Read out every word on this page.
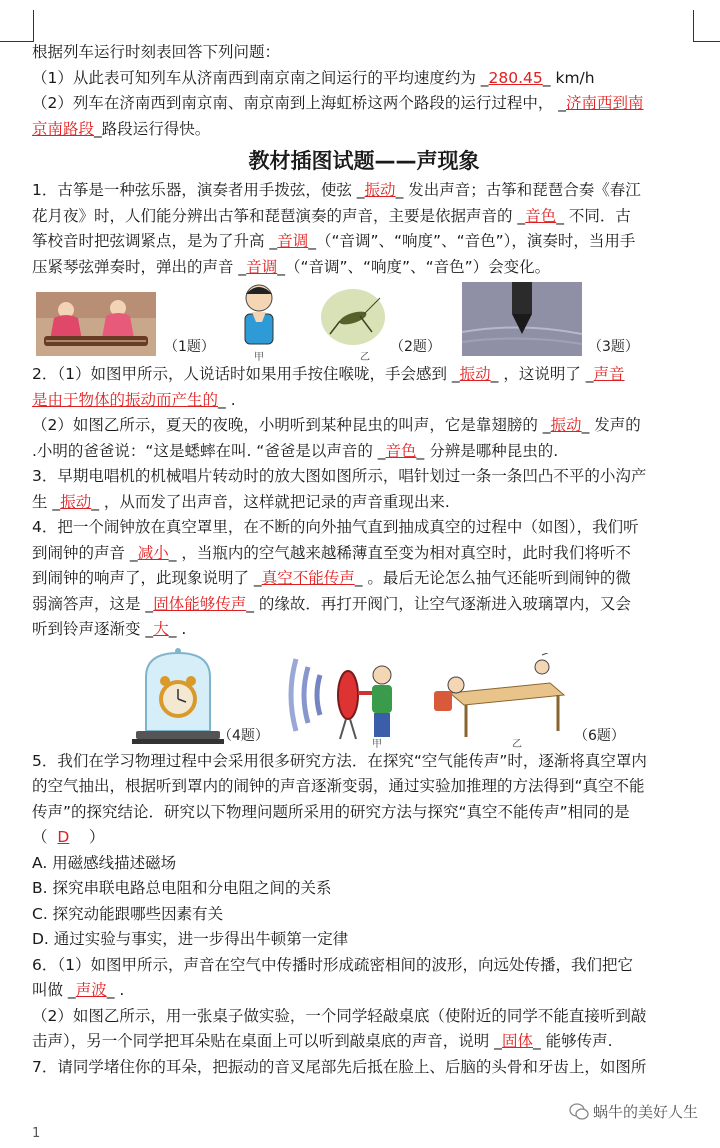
根据列车运行时刻表回答下列问题：
（1）从此表可知列车从济南西到南京南之间运行的平均速度约为 _280.45_ km/h
（2）列车在济南西到南京南、南京南到上海虹桥这两个路段的运行过程中， _济南西到南
京南路段_路段运行得快。
教材插图试题——声现象
1．古筝是一种弦乐器，演奏者用手拨弦，使弦 _振动_ 发出声音；古筝和琵琶合奏《春江
花月夜》时，人们能分辨出古筝和琵琶演奏的声音，主要是依据声音的 _音色_ 不同．古
筝校音时把弦调紧点，是为了升高 _音调_（“音调”、“响度”、“音色”），演奏时，当用手
压紧琴弦弹奏时，弹出的声音 _音调_（“音调”、“响度”、“音色”）会变化。
（1题）
甲	乙
（2题）	（3题）
2．（1）如图甲所示，人说话时如果用手按住喉咙，手会感到 _振动_ ，这说明了 _声音
是由于物体的振动而产生的_ .
（2）如图乙所示，夏天的夜晚，小明听到某种昆虫的叫声，它是靠翅膀的 _振动_ 发声的
.小明的爸爸说：“这是蟋蟀在叫. “爸爸是以声音的 _音色_ 分辨是哪种昆虫的.
3．早期电唱机的机械唱片转动时的放大图如图所示，唱针划过一条一条凹凸不平的小沟产
生 _振动_ ，从而发了出声音，这样就把记录的声音重现出来.
4．把一个闹钟放在真空罩里，在不断的向外抽气直到抽成真空的过程中（如图），我们听
到闹钟的声音 _减小_ ，当瓶内的空气越来越稀薄直至变为相对真空时，此时我们将听不
到闹钟的响声了，此现象说明了 _真空不能传声_ 。最后无论怎么抽气还能听到闹钟的微
弱滴答声，这是 _固体能够传声_ 的缘故．再打开阀门，让空气逐渐进入玻璃罩内，又会
听到铃声逐渐变 _大_ .
（4题）
甲	乙
（6题）
5．我们在学习物理过程中会采用很多研究方法．在探究“空气能传声”时，逐渐将真空罩内
的空气抽出，根据听到罩内的闹钟的声音逐渐变弱，通过实验加推理的方法得到“真空不能
传声”的探究结论．研究以下物理问题所采用的研究方法与探究“真空不能传声”相同的是
（ D ）
A. 用磁感线描述磁场
B. 探究串联电路总电阻和分电阻之间的关系
C. 探究动能跟哪些因素有关
D. 通过实验与事实，进一步得出牛顿第一定律
6．（1）如图甲所示，声音在空气中传播时形成疏密相间的波形，向远处传播，我们把它
叫做 _声波_ .
（2）如图乙所示，用一张桌子做实验，一个同学轻敲桌底（使附近的同学不能直接听到敲
击声），另一个同学把耳朵贴在桌面上可以听到敲桌底的声音，说明 _固体_ 能够传声.
7．请同学堵住你的耳朵，把振动的音叉尾部先后抵在脸上、后脑的头骨和牙齿上，如图所
1
蜗牛的美好人生
